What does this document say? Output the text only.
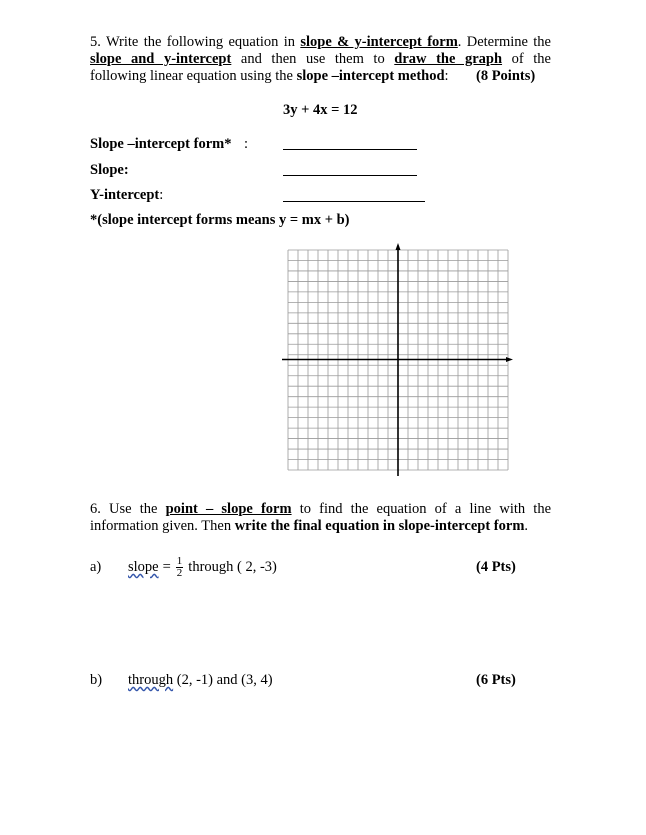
5. Write the following equation in slope & y-intercept form. Determine the

slope and y-intercept and then use them to draw the graph of the

following linear equation using the slope –intercept method: (8 Points)

3y + 4x = 12

Slope –intercept form* :

Slope:

Y-intercept:

*(slope intercept forms means y = mx + b)

6. Use the point – slope form to find the equation of a line with the

information given. Then write the final equation in slope-intercept form.

a) slope = $\frac{1}{2}$ through ( 2, -3)	(4 Pts)

b) through (2, -1) and (3, 4)	(6 Pts)
